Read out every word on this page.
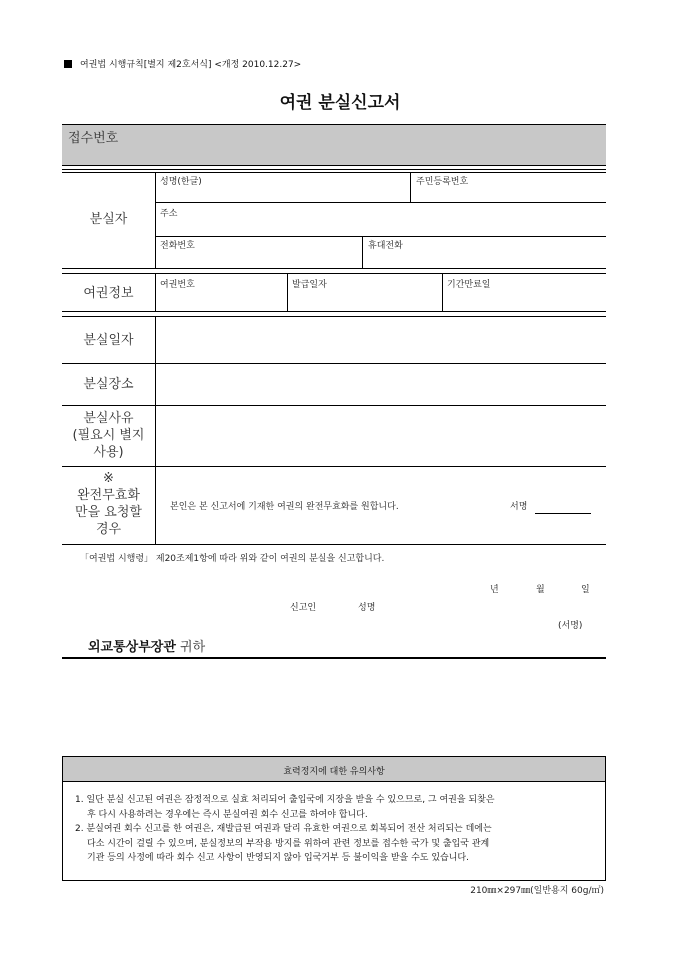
여권법 시행규칙[별지 제2호서식] <개정 2010.12.27>
여권 분실신고서
접수번호
분실자
성명(한글)	주민등록번호
주소
전화번호	휴대전화
여권정보
여권번호	발급일자	기간만료일
분실일자
분실장소
분실사유
(필요시 별지
사용)
※
완전무효화
만을 요청할
경우
본인은 본 신고서에 기재한 여권의 완전무효화를 원합니다.	서명
「여권법 시행령」 제20조제1항에 따라 위와 같이 여권의 분실을 신고합니다.
년	월	일
신고인	성명
(서명)
외교통상부장관 귀하
효력정지에 대한 유의사항
1. 일단 분실 신고된 여권은 잠정적으로 실효 처리되어 출입국에 지장을 받을 수 있으므로, 그 여권을 되찾은
후 다시 사용하려는 경우에는 즉시 분실여권 회수 신고를 하여야 합니다.
2. 분실여권 회수 신고를 한 여권은, 재발급된 여권과 달리 유효한 여권으로 회복되어 전산 처리되는 데에는
다소 시간이 걸릴 수 있으며, 분실정보의 부작용 방지를 위하여 관련 정보를 접수한 국가 및 출입국 관계
기관 등의 사정에 따라 회수 신고 사항이 반영되지 않아 입국거부 등 불이익을 받을 수도 있습니다.
210㎜×297㎜(일반용지 60g/㎡)
